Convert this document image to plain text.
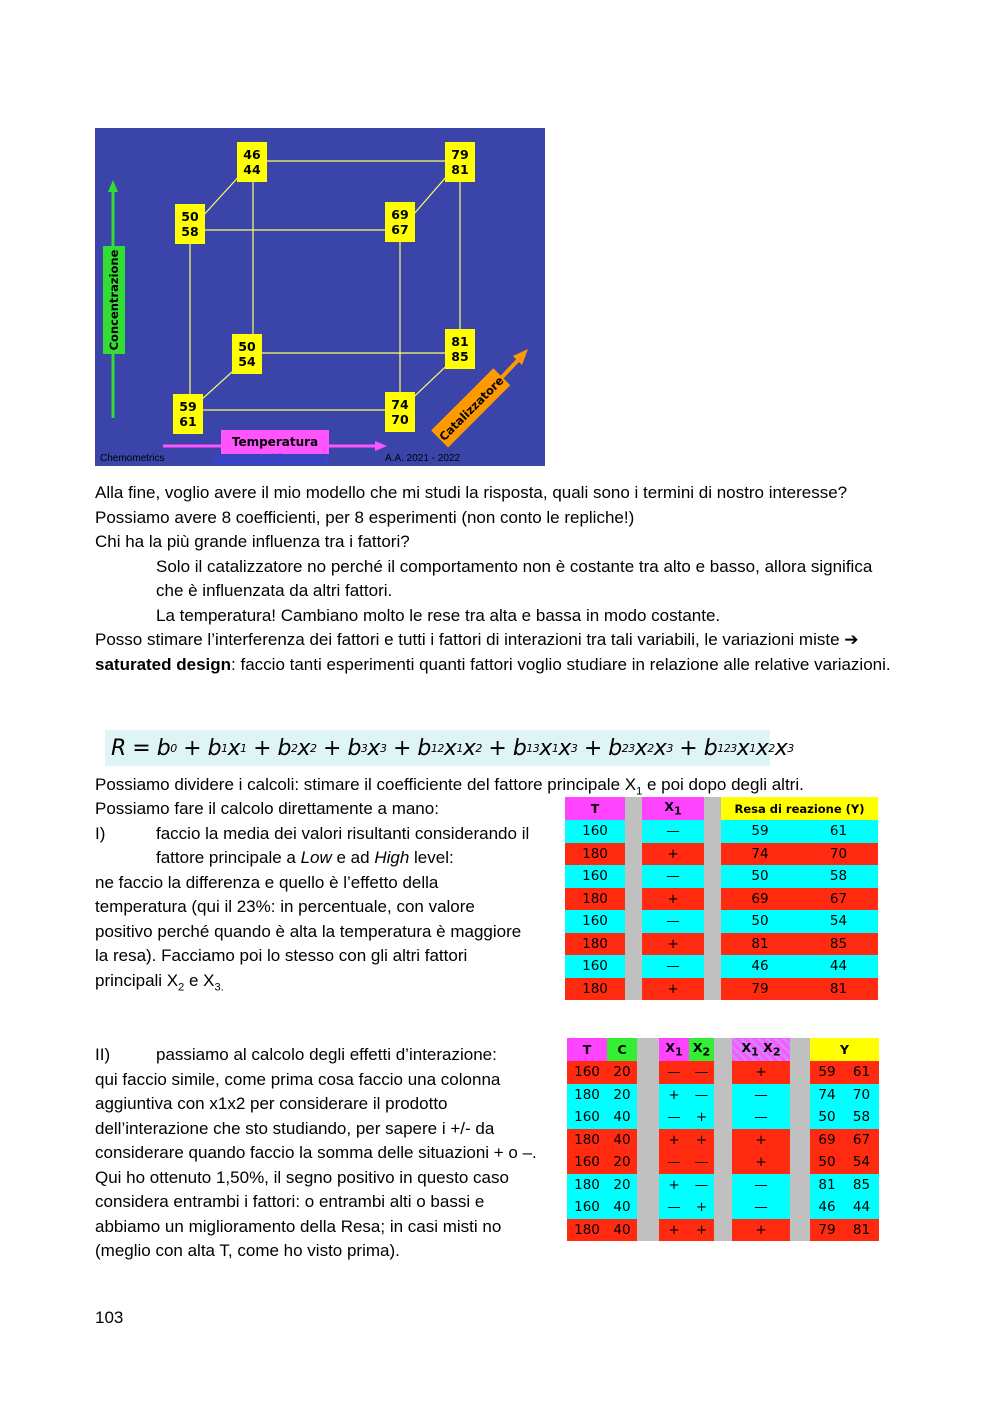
Catalizzatore
Concentrazione
Temperatura
46
44
79
81
50
58
69
67
50
54
81
85
59
61
74
70
Chemometrics	marina.cocchi@unimore.it	A.A. 2021 - 2022
Alla fine, voglio avere il mio modello che mi studi la risposta, quali sono i termini di nostro interesse?
Possiamo avere 8 coefficienti, per 8 esperimenti (non conto le repliche!)
Chi ha la più grande influenza tra i fattori?
Solo il catalizzatore no perché il comportamento non è costante tra alto e basso, allora significa che è influenzata da altri fattori.
La temperatura! Cambiano molto le rese tra alta e bassa in modo costante.
Posso stimare l’interferenza dei fattori e tutti i fattori di interazioni tra tali variabili, le variazioni miste ➔ saturated design: faccio tanti esperimenti quanti fattori voglio studiare in relazione alle relative variazioni.
R = b 0 + b 1 x 1 + b 2 x 2 + b 3 x 3 + b 12 x 1 x 2 + b 13 x 1 x 3 + b 23 x 2 x 3 + b 123 x 1 x 2 x 3
Possiamo dividere i calcoli: stimare il coefficiente del fattore principale $X_1$ e poi dopo degli altri.
Possiamo fare il calcolo direttamente a mano:
I)	faccio la media dei valori risultanti considerando il fattore principale a Low e ad High level:
ne faccio la differenza e quello è l’effetto della temperatura (qui il 23%: in percentuale, con valore positivo perché quando è alta la temperatura è maggiore la resa). Facciamo poi lo stesso con gli altri fattori principali $X_2$ e $X_{3.}$
II)	passiamo al calcolo degli effetti d’interazione:
qui faccio simile, come prima cosa faccio una colonna aggiuntiva con x1x2 per considerare il prodotto dell’interazione che sto studiando, per sapere i +/- da considerare quando faccio la somma delle situazioni + o –. Qui ho ottenuto 1,50%, il segno positivo in questo caso considera entrambi i fattori: o entrambi alti o bassi e abbiamo un miglioramento della Resa; in casi misti no (meglio con alta T, come ho visto prima).
103
T		$X_1$		Resa di reazione (Y)	
160		—		59	61
180		+		74	70
160		—		50	58
180		+		69	67
160		—		50	54
180		+		81	85
160		—		46	44
180		+		79	81
T	C		$X_1$	$X_2$		$X_1$ $X_2$		Y	
160	20		—	—		+		59	61
180	20		+	—		—		74	70
160	40		—	+		—		50	58
180	40		+	+		+		69	67
160	20		—	—		+		50	54
180	20		+	—		—		81	85
160	40		—	+		—		46	44
180	40		+	+		+		79	81
